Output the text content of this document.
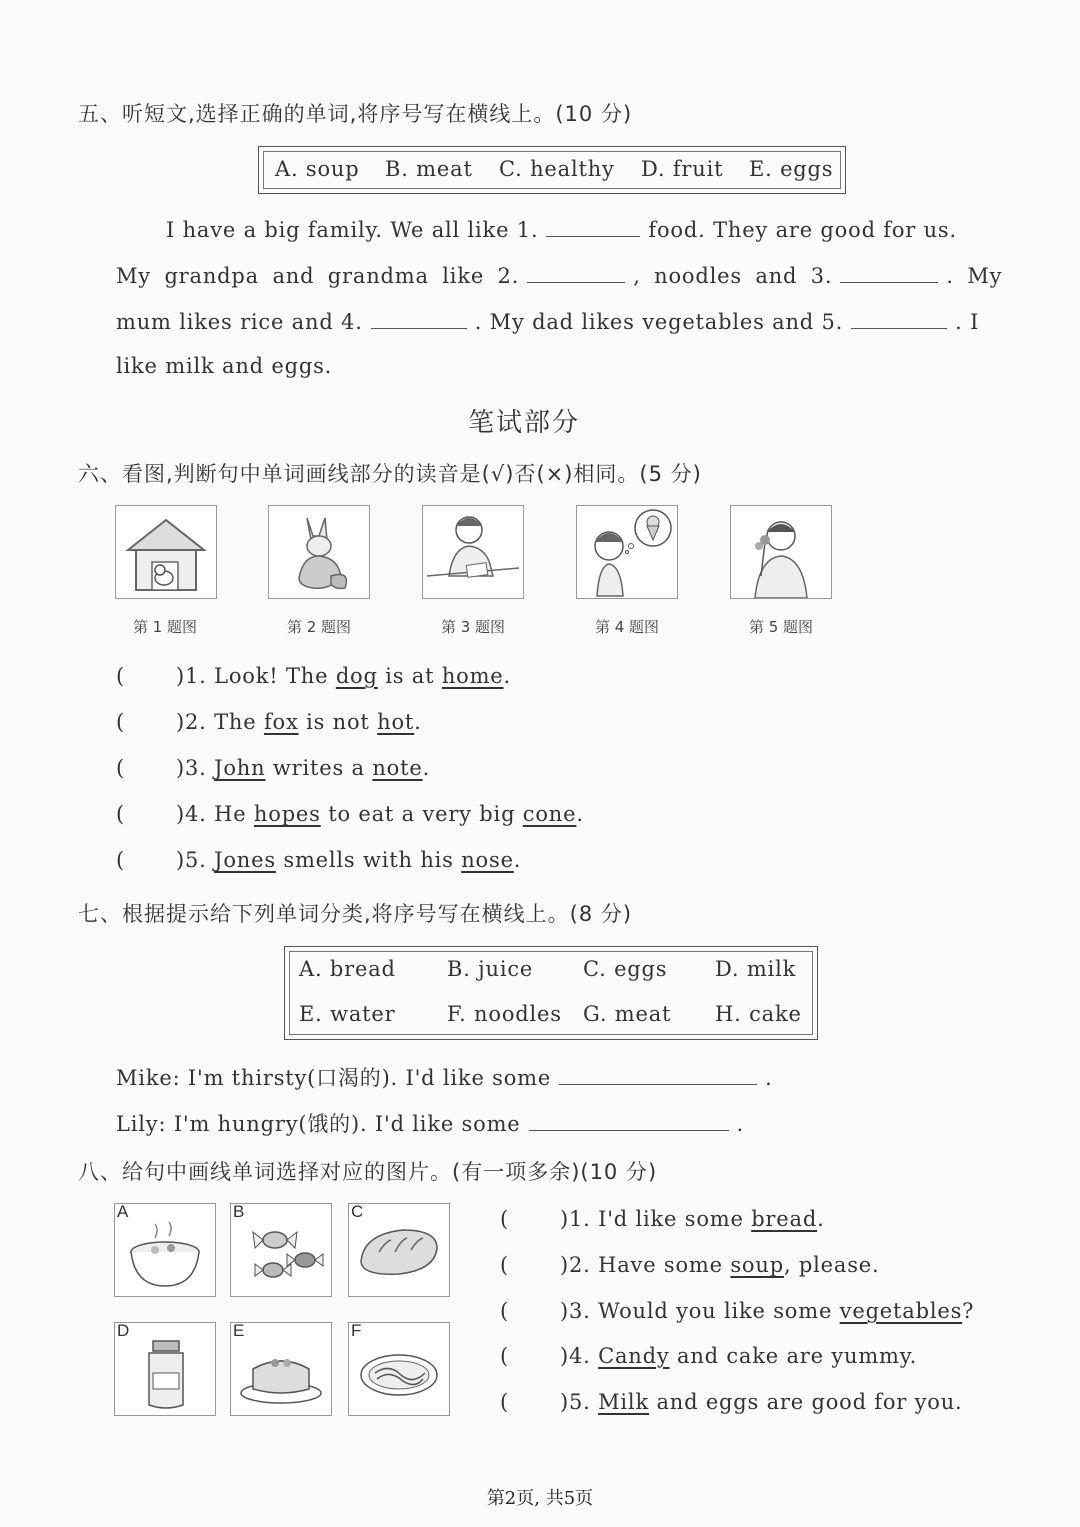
五、听短文,选择正确的单词,将序号写在横线上。(10 分)
A. soup B. meat C. healthy D. fruit E. eggs
I have a big family. We all like 1.	food. They are good for us.
My grandpa and grandma like 2.	, noodles and 3.	. My
mum likes rice and 4.	. My dad likes vegetables and 5.	. I
like milk and eggs.
笔试部分
六、看图,判断句中单词画线部分的读音是(√)否(×)相同。(5 分)
第 1 题图	第 2 题图	第 3 题图	第 4 题图	第 5 题图
( )1. Look! The dog is at home.
( )2. The fox is not hot.
( )3. John writes a note.
( )4. He hopes to eat a very big cone.
( )5. Jones smells with his nose.
七、根据提示给下列单词分类,将序号写在横线上。(8 分)
A. bread B. juice C. eggs D. milk
E. water F. noodles G. meat H. cake
Mike: I'm thirsty(口渴的). I'd like some	.
Lily: I'm hungry(饿的). I'd like some	.
八、给句中画线单词选择对应的图片。(有一项多余)(10 分)
A	B	C
D	E	F
( )1. I'd like some bread.
( )2. Have some soup, please.
( )3. Would you like some vegetables?
( )4. Candy and cake are yummy.
( )5. Milk and eggs are good for you.
第2页, 共5页
